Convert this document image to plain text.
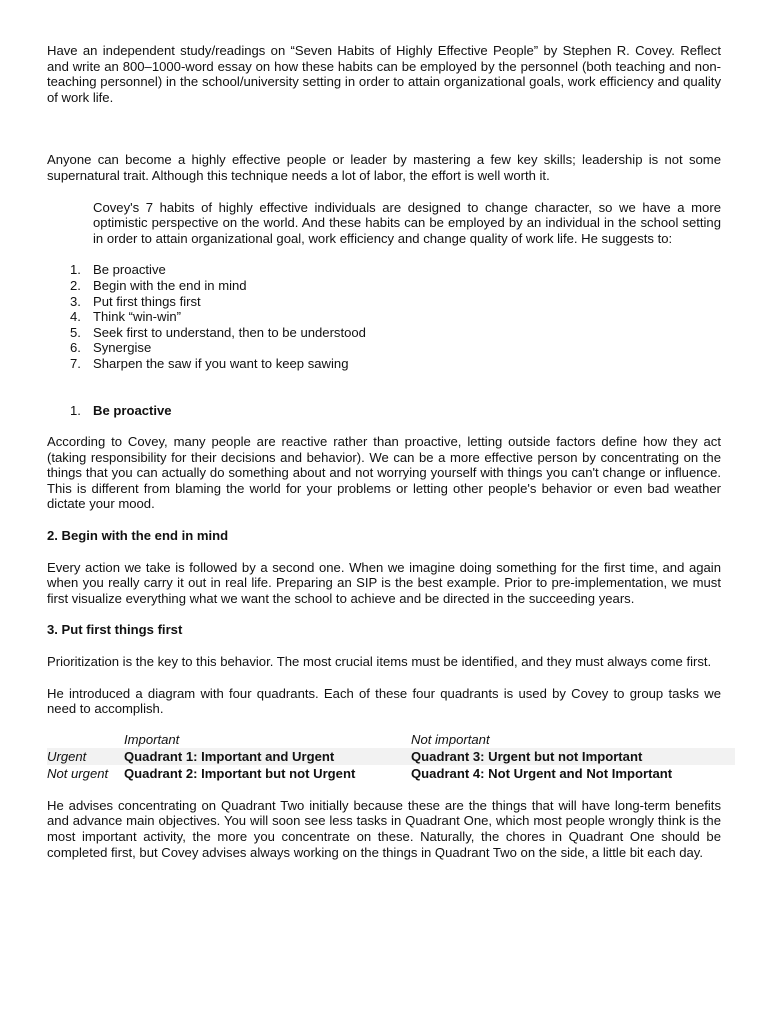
Have an independent study/readings on “Seven Habits of Highly Effective People” by Stephen R. Covey. Reflect and write an 800–1000-word essay on how these habits can be employed by the personnel (both teaching and non-teaching personnel) in the school/university setting in order to attain organizational goals, work efficiency and quality of work life.

Anyone can become a highly effective people or leader by mastering a few key skills; leadership is not some supernatural trait. Although this technique needs a lot of labor, the effort is well worth it.

Covey's 7 habits of highly effective individuals are designed to change character, so we have a more optimistic perspective on the world. And these habits can be employed by an individual in the school setting in order to attain organizational goal, work efficiency and change quality of work life. He suggests to:

1. Be proactive
2. Begin with the end in mind
3. Put first things first
4. Think “win-win”
5. Seek first to understand, then to be understood
6. Synergise
7. Sharpen the saw if you want to keep sawing
1. Be proactive

According to Covey, many people are reactive rather than proactive, letting outside factors define how they act (taking responsibility for their decisions and behavior). We can be a more effective person by concentrating on the things that you can actually do something about and not worrying yourself with things you can't change or influence. This is different from blaming the world for your problems or letting other people's behavior or even bad weather dictate your mood.

2. Begin with the end in mind

Every action we take is followed by a second one. When we imagine doing something for the first time, and again when you really carry it out in real life. Preparing an SIP is the best example. Prior to pre-implementation, we must first visualize everything what we want the school to achieve and be directed in the succeeding years.

3. Put first things first

Prioritization is the key to this behavior. The most crucial items must be identified, and they must always come first.

He introduced a diagram with four quadrants. Each of these four quadrants is used by Covey to group tasks we need to accomplish.

	Important	Not important
Urgent	Quadrant 1: Important and Urgent	Quadrant 3: Urgent but not Important
Not urgent	Quadrant 2: Important but not Urgent	Quadrant 4: Not Urgent and Not Important

He advises concentrating on Quadrant Two initially because these are the things that will have long-term benefits and advance main objectives. You will soon see less tasks in Quadrant One, which most people wrongly think is the most important activity, the more you concentrate on these. Naturally, the chores in Quadrant One should be completed first, but Covey advises always working on the things in Quadrant Two on the side, a little bit each day.
